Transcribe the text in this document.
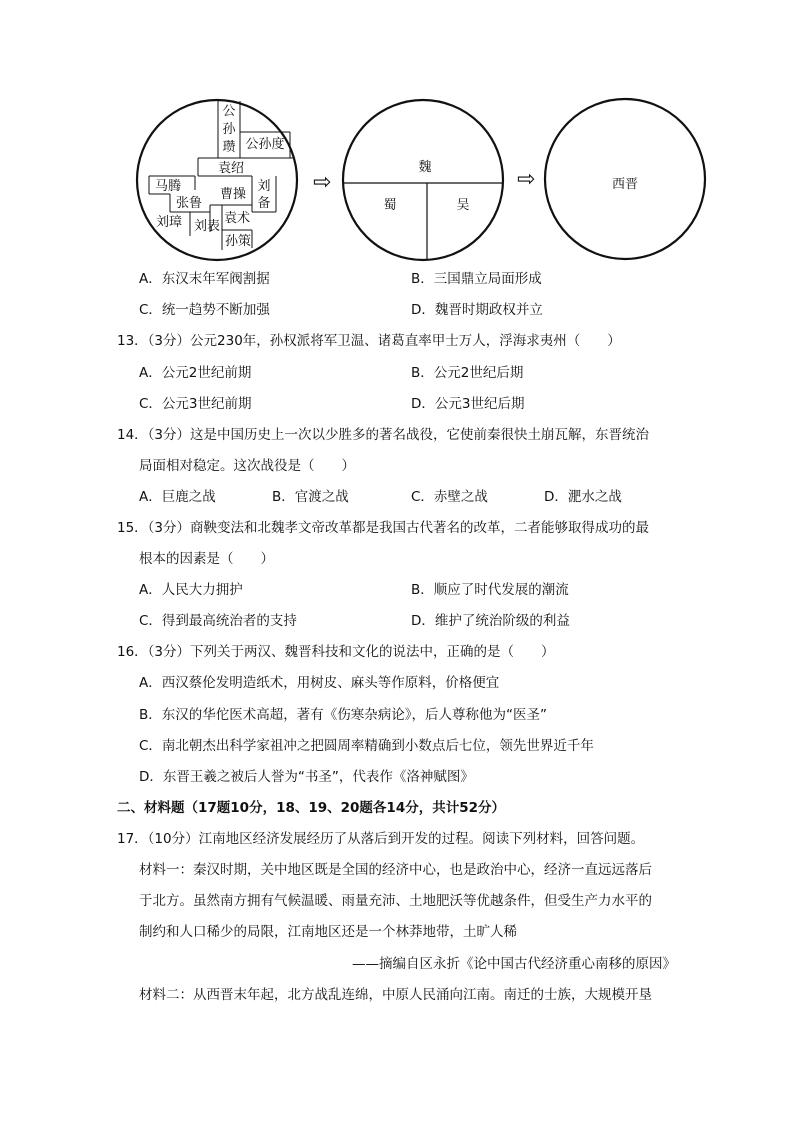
公
孙
瓒 公孙度
袁绍
马腾
曹操
刘
备
张鲁
刘璋 刘表
袁术
孙策
⇨
魏
蜀	吴
⇨	西晋
A．东汉末年军阀割据	B．三国鼎立局面形成
C．统一趋势不断加强	D．魏晋时期政权并立
13．（3分）公元230年，孙权派将军卫温、诸葛直率甲士万人，浮海求夷州（　　）
A．公元2世纪前期	B．公元2世纪后期
C．公元3世纪前期	D．公元3世纪后期
14．（3分）这是中国历史上一次以少胜多的著名战役，它使前秦很快土崩瓦解，东晋统治
局面相对稳定。这次战役是（　　）
A．巨鹿之战	B．官渡之战	C．赤壁之战	D．淝水之战
15．（3分）商鞅变法和北魏孝文帝改革都是我国古代著名的改革，二者能够取得成功的最
根本的因素是（　　）
A．人民大力拥护	B．顺应了时代发展的潮流
C．得到最高统治者的支持	D．维护了统治阶级的利益
16．（3分）下列关于两汉、魏晋科技和文化的说法中，正确的是（　　）
A．西汉蔡伦发明造纸术，用树皮、麻头等作原料，价格便宜
B．东汉的华佗医术高超，著有《伤寒杂病论》，后人尊称他为“医圣”
C．南北朝杰出科学家祖冲之把圆周率精确到小数点后七位，领先世界近千年
D．东晋王羲之被后人誉为“书圣”，代表作《洛神赋图》
二、材料题（17题10分，18、19、20题各14分，共计52分）
17．（10分）江南地区经济发展经历了从落后到开发的过程。阅读下列材料，回答问题。
材料一：秦汉时期，关中地区既是全国的经济中心，也是政治中心，经济一直远远落后
于北方。虽然南方拥有气候温暖、雨量充沛、土地肥沃等优越条件，但受生产力水平的
制约和人口稀少的局限，江南地区还是一个林莽地带，土旷人稀
——摘编自区永折《论中国古代经济重心南移的原因》
材料二：从西晋末年起，北方战乱连绵，中原人民涌向江南。南迁的士族，大规模开垦
